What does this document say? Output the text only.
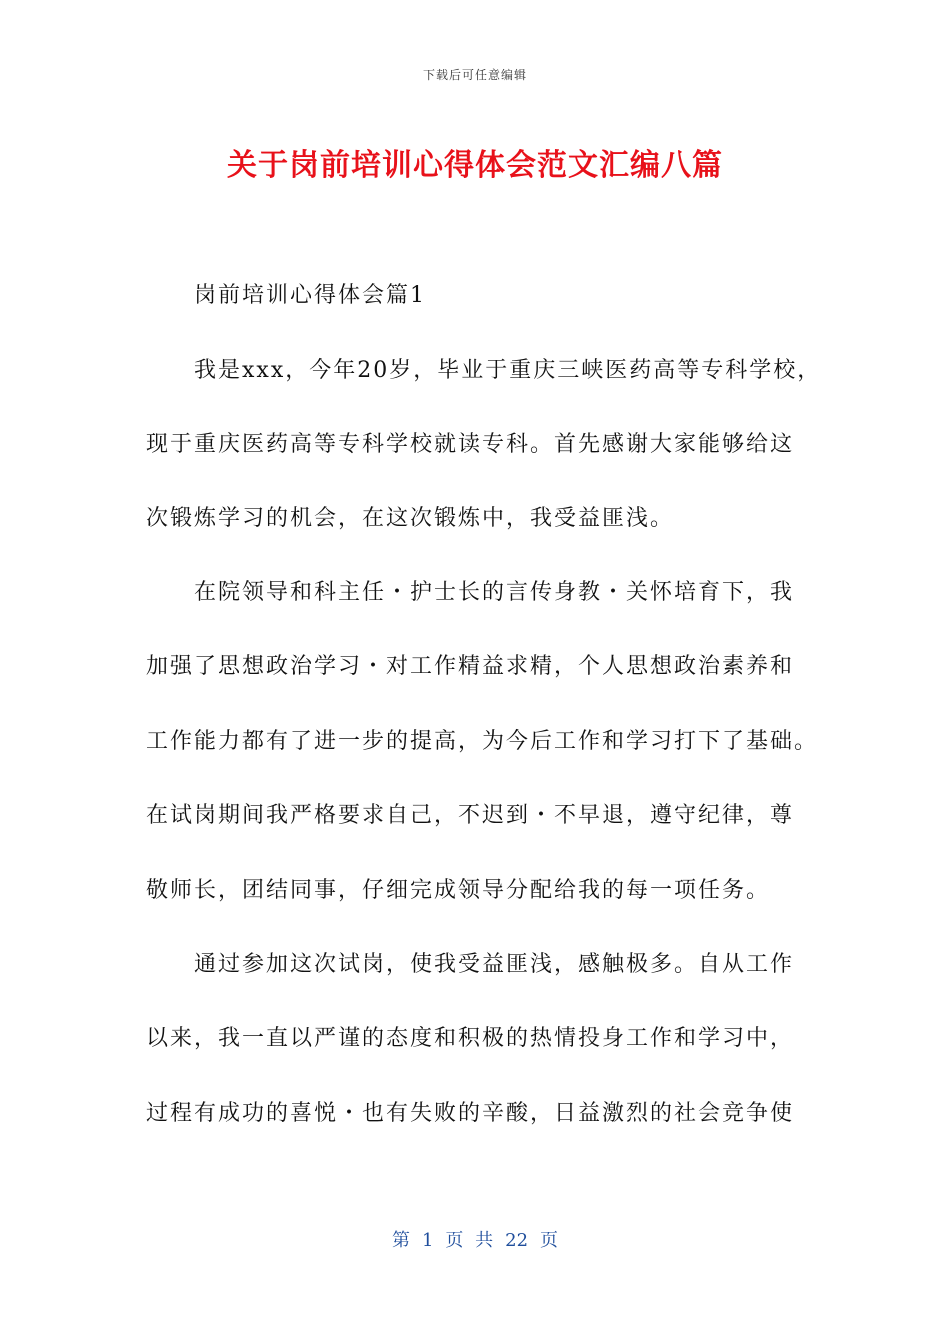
下载后可任意编辑
关于岗前培训心得体会范文汇编八篇
岗前培训心得体会篇1
我是xxx，今年20岁，毕业于重庆三峡医药高等专科学校，
现于重庆医药高等专科学校就读专科。首先感谢大家能够给这
次锻炼学习的机会，在这次锻炼中，我受益匪浅。
在院领导和科主任・护士长的言传身教・关怀培育下，我
加强了思想政治学习・对工作精益求精，个人思想政治素养和
工作能力都有了进一步的提高，为今后工作和学习打下了基础。
在试岗期间我严格要求自己，不迟到・不早退，遵守纪律，尊
敬师长，团结同事，仔细完成领导分配给我的每一项任务。
通过参加这次试岗，使我受益匪浅，感触极多。自从工作
以来，我一直以严谨的态度和积极的热情投身工作和学习中，
过程有成功的喜悦・也有失败的辛酸，日益激烈的社会竞争使
第 1 页 共 22 页
